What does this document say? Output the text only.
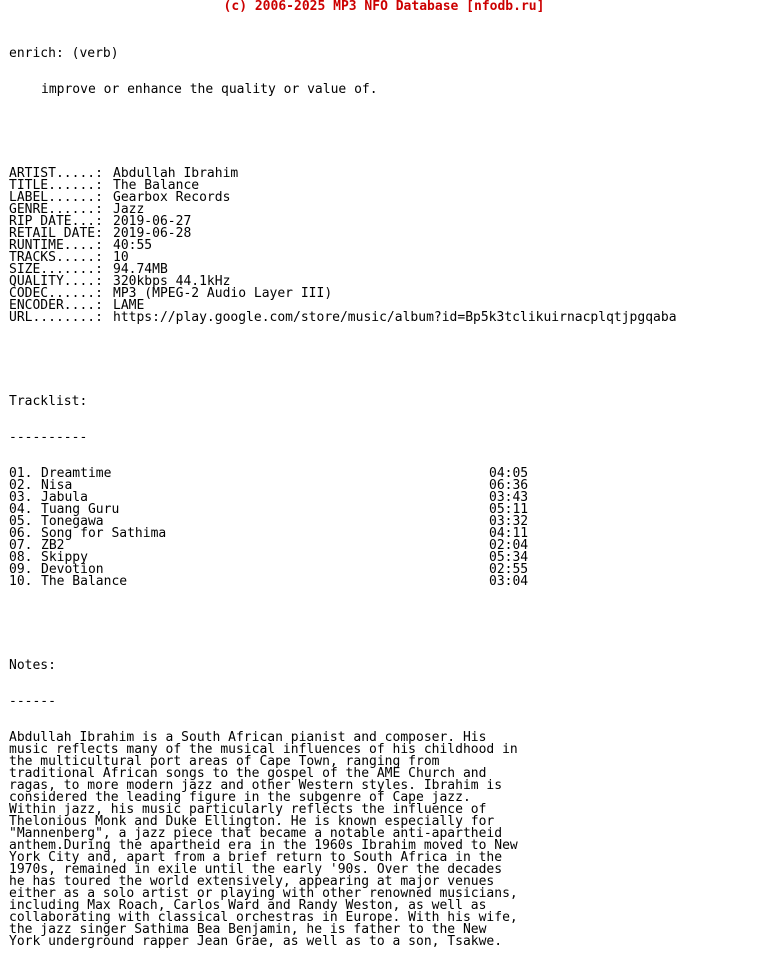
(c) 2006-2025 MP3 NFO Database [nfodb.ru]

enrich: (verb)

improve or enhance the quality or value of.

ARTIST.....: Abdullah Ibrahim
TITLE......: The Balance
LABEL......: Gearbox Records
GENRE......: Jazz
RIP DATE...: 2019-06-27
RETAIL DATE: 2019-06-28
RUNTIME....: 40:55
TRACKS.....: 10
SIZE.......: 94.74MB
QUALITY....: 320kbps 44.1kHz
CODEC......: MP3 (MPEG-2 Audio Layer III)
ENCODER....: LAME
URL........: https://play.google.com/store/music/album?id=Bp5k3tclikuirnacplqtjpgqaba

Tracklist:

----------

01. Dreamtime	04:05
02. Nisa	06:36
03. Jabula	03:43
04. Tuang Guru	05:11
05. Tonegawa	03:32
06. Song for Sathima	04:11
07. ZB2	02:04
08. Skippy	05:34
09. Devotion	02:55
10. The Balance	03:04

Notes:

------

Abdullah Ibrahim is a South African pianist and composer. His
music reflects many of the musical influences of his childhood in
the multicultural port areas of Cape Town, ranging from
traditional African songs to the gospel of the AME Church and
ragas, to more modern jazz and other Western styles. Ibrahim is
considered the leading figure in the subgenre of Cape jazz.
Within jazz, his music particularly reflects the influence of
Thelonious Monk and Duke Ellington. He is known especially for
"Mannenberg", a jazz piece that became a notable anti-apartheid
anthem.During the apartheid era in the 1960s Ibrahim moved to New
York City and, apart from a brief return to South Africa in the
1970s, remained in exile until the early '90s. Over the decades
he has toured the world extensively, appearing at major venues
either as a solo artist or playing with other renowned musicians,
including Max Roach, Carlos Ward and Randy Weston, as well as
collaborating with classical orchestras in Europe. With his wife,
the jazz singer Sathima Bea Benjamin, he is father to the New
York underground rapper Jean Grae, as well as to a son, Tsakwe.
